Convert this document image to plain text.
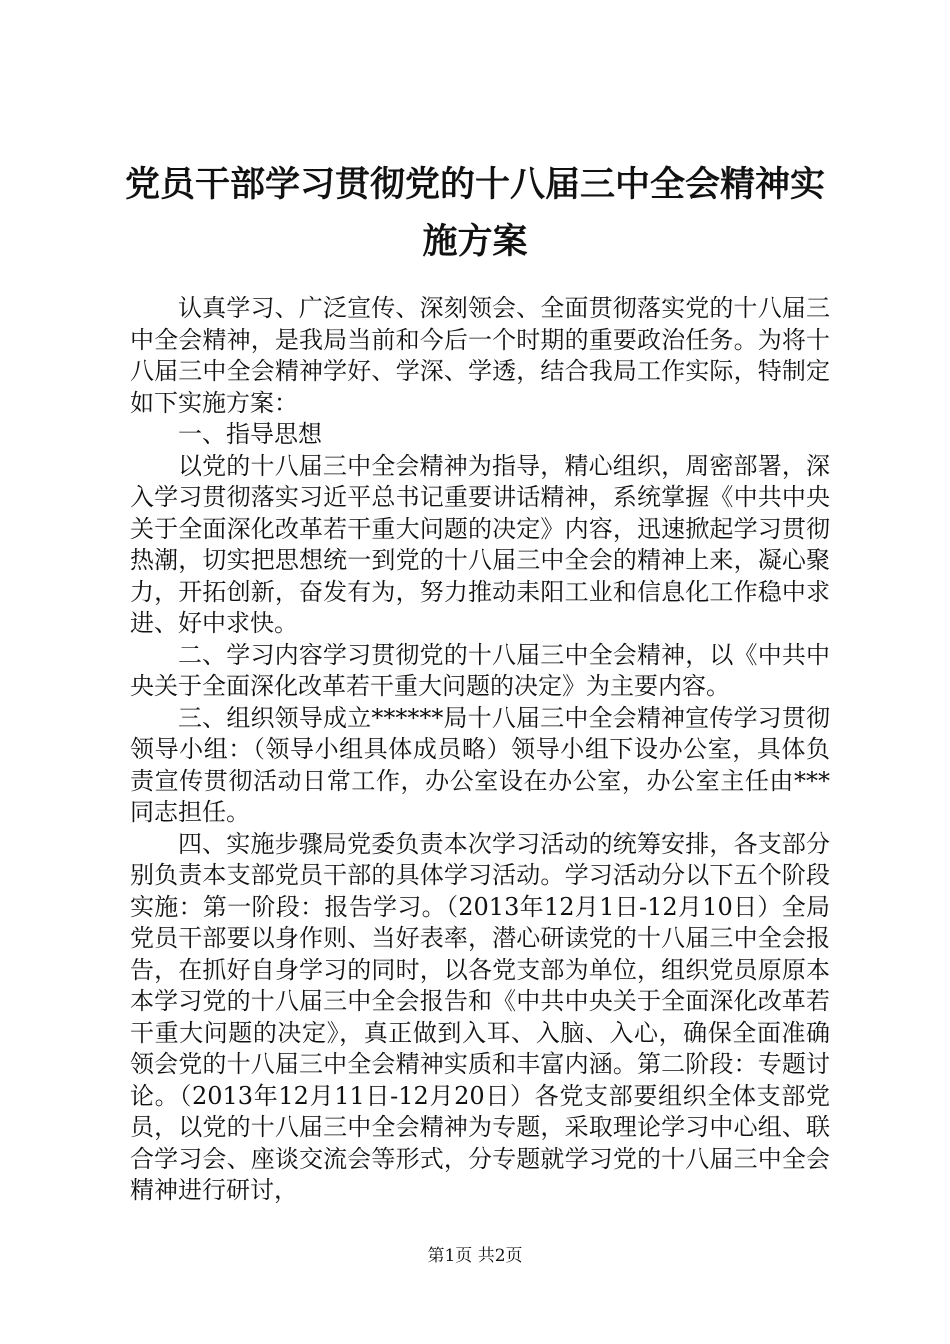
党员干部学习贯彻党的十八届三中全会精神实
施方案

认真学习、广泛宣传、深刻领会、全面贯彻落实党的十八届三中全会精神，是我局当前和今后一个时期的重要政治任务。为将十八届三中全会精神学好、学深、学透，结合我局工作实际，特制定如下实施方案：

一、指导思想

以党的十八届三中全会精神为指导，精心组织，周密部署，深入学习贯彻落实习近平总书记重要讲话精神，系统掌握《中共中央关于全面深化改革若干重大问题的决定》内容，迅速掀起学习贯彻热潮，切实把思想统一到党的十八届三中全会的精神上来，凝心聚力，开拓创新，奋发有为，努力推动耒阳工业和信息化工作稳中求进、好中求快。

二、学习内容学习贯彻党的十八届三中全会精神，以《中共中央关于全面深化改革若干重大问题的决定》为主要内容。

三、组织领导成立******局十八届三中全会精神宣传学习贯彻领导小组：（领导小组具体成员略）领导小组下设办公室，具体负责宣传贯彻活动日常工作，办公室设在办公室，办公室主任由***同志担任。

四、实施步骤局党委负责本次学习活动的统筹安排，各支部分别负责本支部党员干部的具体学习活动。学习活动分以下五个阶段实施：第一阶段：报告学习。（2013年12月1日-12月10日）全局党员干部要以身作则、当好表率，潜心研读党的十八届三中全会报告，在抓好自身学习的同时，以各党支部为单位，组织党员原原本本学习党的十八届三中全会报告和《中共中央关于全面深化改革若干重大问题的决定》，真正做到入耳、入脑、入心，确保全面准确领会党的十八届三中全会精神实质和丰富内涵。第二阶段：专题讨论。（2013年12月11日-12月20日）各党支部要组织全体支部党员，以党的十八届三中全会精神为专题，采取理论学习中心组、联合学习会、座谈交流会等形式，分专题就学习党的十八届三中全会精神进行研讨，

第1页 共2页
